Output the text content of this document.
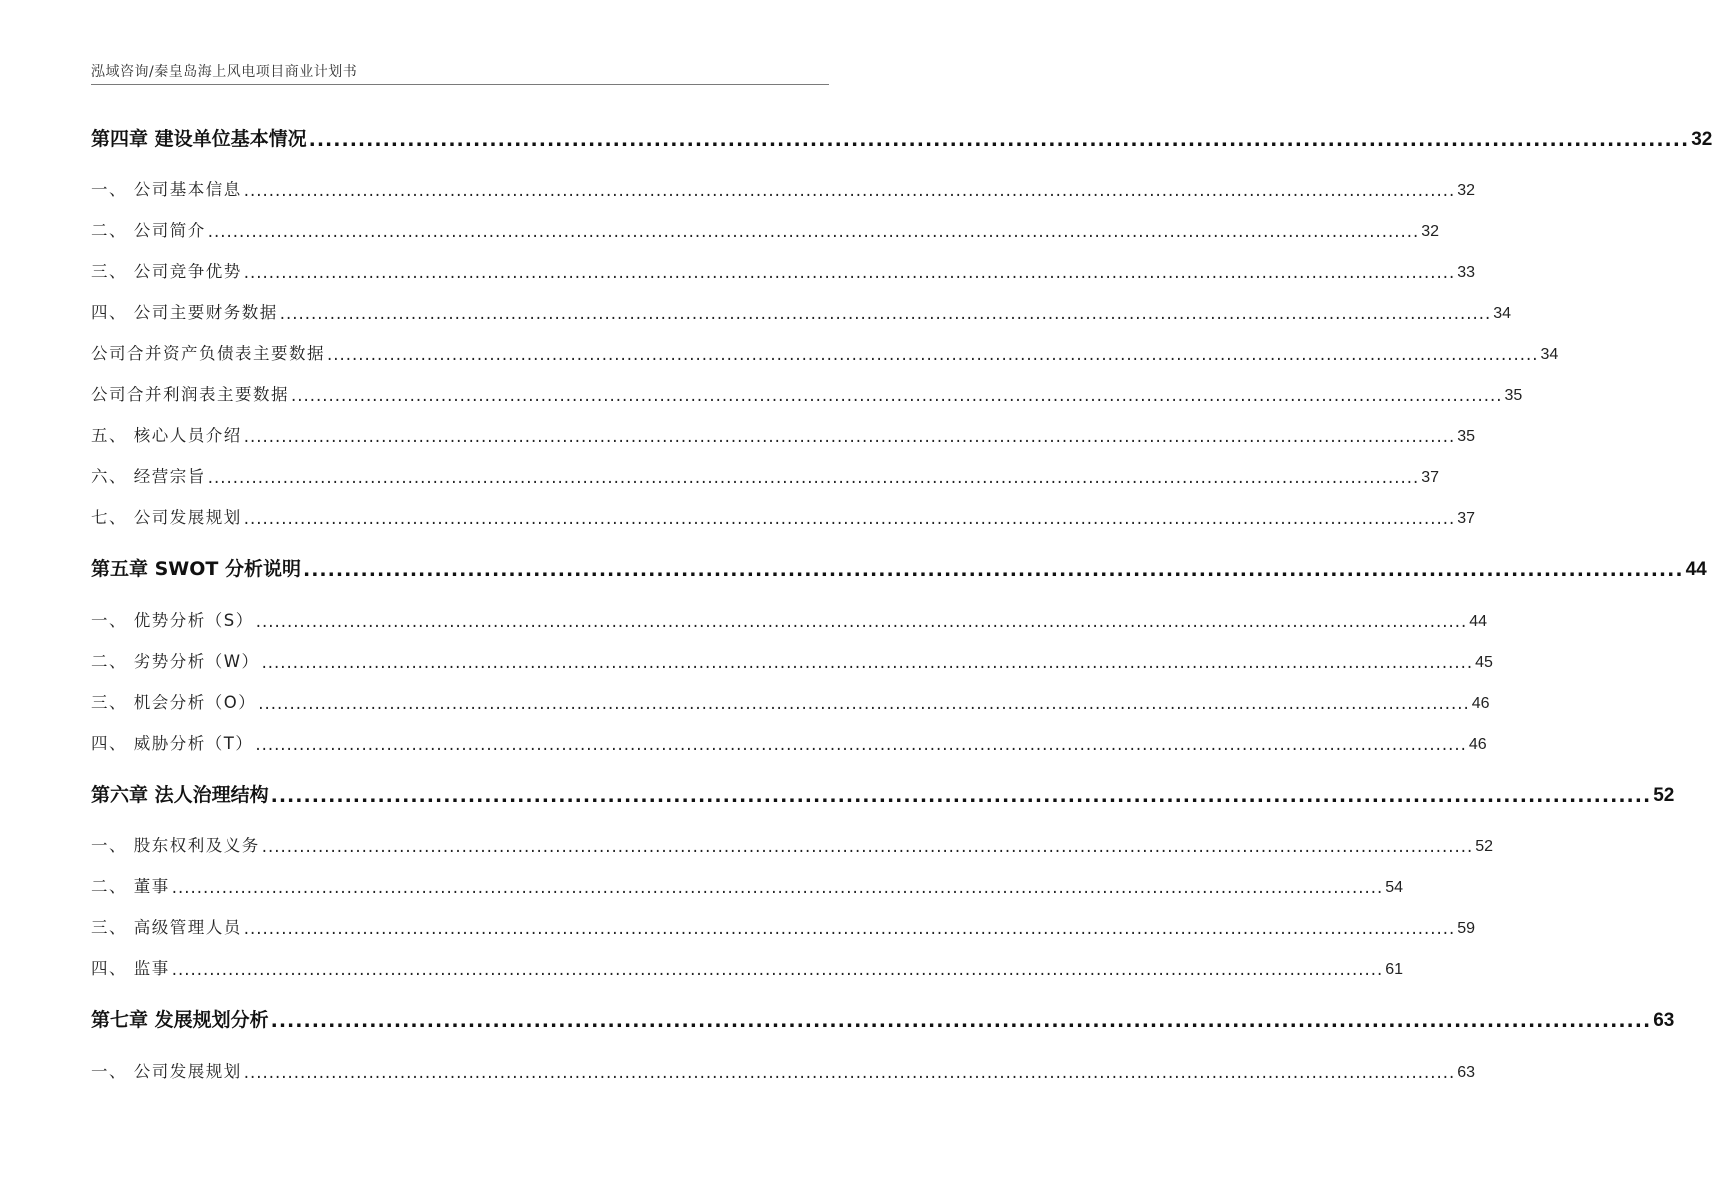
泓域咨询/秦皇岛海上风电项目商业计划书
第四章 建设单位基本情况 ........................................................................................................................................................................ 32
一、 公司基本信息 .................................................................................................................................................................................................. 32
二、 公司简介 .................................................................................................................................................................................................. 32
三、 公司竞争优势 .................................................................................................................................................................................................. 33
四、 公司主要财务数据 .................................................................................................................................................................................................. 34
公司合并资产负债表主要数据 .................................................................................................................................................................................................. 34
公司合并利润表主要数据 .................................................................................................................................................................................................. 35
五、 核心人员介绍 .................................................................................................................................................................................................. 35
六、 经营宗旨 .................................................................................................................................................................................................. 37
七、 公司发展规划 .................................................................................................................................................................................................. 37
第五章 SWOT 分析说明 ........................................................................................................................................................................ 44
一、 优势分析（S） .................................................................................................................................................................................................. 44
二、 劣势分析（W） .................................................................................................................................................................................................. 45
三、 机会分析（O） .................................................................................................................................................................................................. 46
四、 威胁分析（T） .................................................................................................................................................................................................. 46
第六章 法人治理结构 ........................................................................................................................................................................ 52
一、 股东权利及义务 .................................................................................................................................................................................................. 52
二、 董事 .................................................................................................................................................................................................. 54
三、 高级管理人员 .................................................................................................................................................................................................. 59
四、 监事 .................................................................................................................................................................................................. 61
第七章 发展规划分析 ........................................................................................................................................................................ 63
一、 公司发展规划 .................................................................................................................................................................................................. 63
